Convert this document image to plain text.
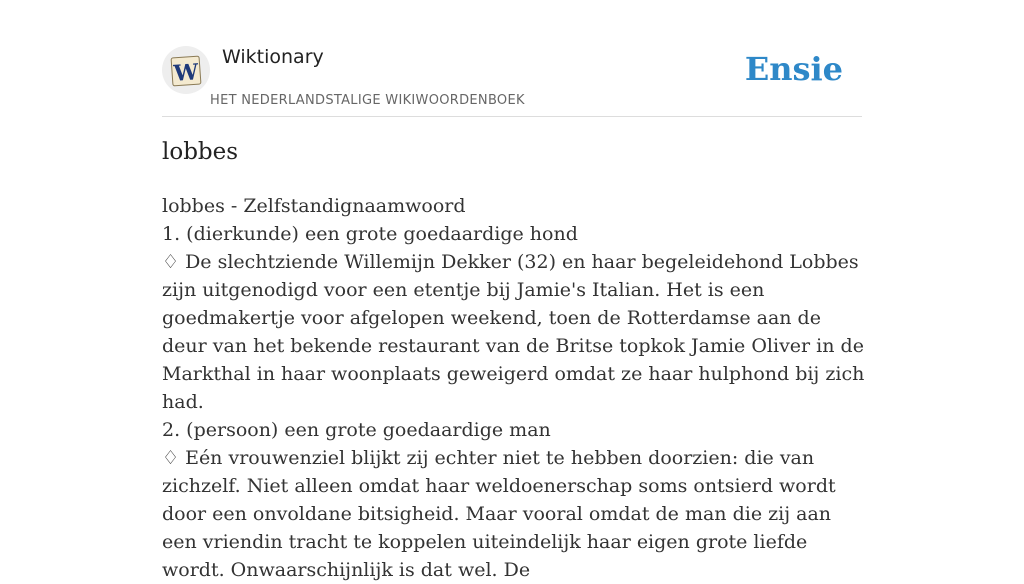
W
Wiktionary
HET NEDERLANDSTALIGE WIKIWOORDENBOEK
Ensie
lobbes

lobbes - Zelfstandignaamwoord

1. (dierkunde) een grote goedaardige hond

♢ De slechtziende Willemijn Dekker (32) en haar begeleidehond Lobbes zijn uitgenodigd voor een etentje bij Jamie's Italian. Het is een goedmakertje voor afgelopen weekend, toen de Rotterdamse aan de deur van het bekende restaurant van de Britse topkok Jamie Oliver in de Markthal in haar woonplaats geweigerd omdat ze haar hulphond bij zich had.

2. (persoon) een grote goedaardige man

♢ Eén vrouwenziel blijkt zij echter niet te hebben doorzien: die van zichzelf. Niet alleen omdat haar weldoenerschap soms ontsierd wordt door een onvoldane bitsigheid. Maar vooral omdat de man die zij aan een vriendin tracht te koppelen uiteindelijk haar eigen grote liefde wordt. Onwaarschijnlijk is dat wel. De
